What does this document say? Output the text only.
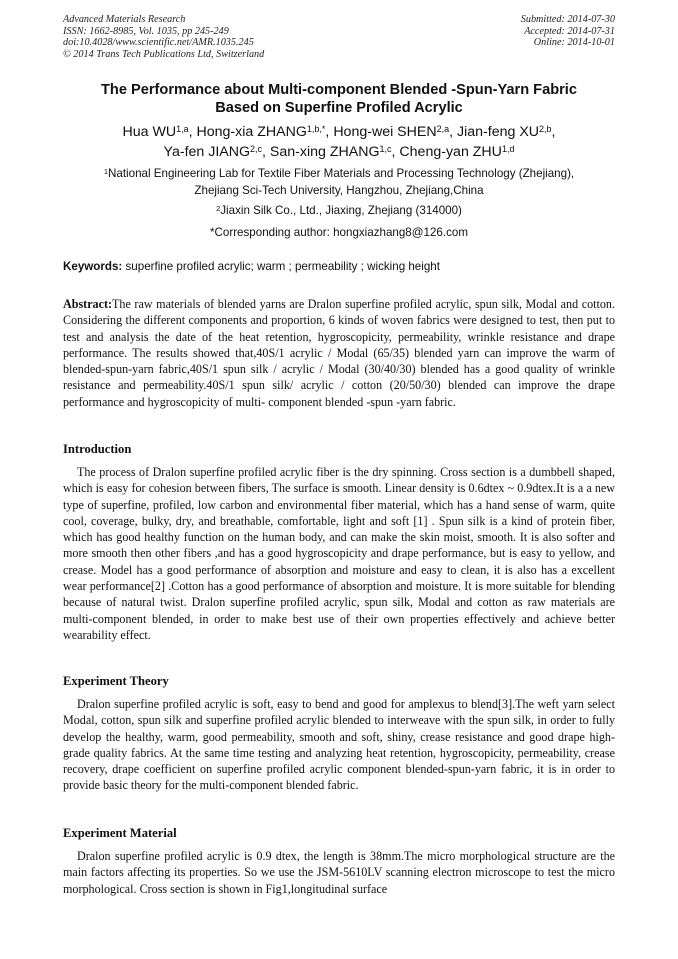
Advanced Materials Research
ISSN: 1662-8985, Vol. 1035, pp 245-249
doi:10.4028/www.scientific.net/AMR.1035.245
© 2014 Trans Tech Publications Ltd, Switzerland
Submitted: 2014-07-30
Accepted: 2014-07-31
Online: 2014-10-01
The Performance about Multi-component Blended -Spun-Yarn Fabric
Based on Superfine Profiled Acrylic
Hua WU$^{1,a}$, Hong-xia $ZHANG^{1,b,*}$, Hong-wei SHEN$^{2,a}$, Jian-feng XU$^{2,b}$,
Ya-fen JIANG$^{2,c}$, San-xing ZHANG$^{1,c}$, Cheng-yan ZHU$^{1,d}$
$^1$National Engineering Lab for Textile Fiber Materials and Processing Technology (Zhejiang),
Zhejiang Sci-Tech University, Hangzhou, Zhejiang,China
$^2$Jiaxin Silk Co., Ltd., Jiaxing, Zhejiang (314000)
*Corresponding author: hongxiazhang8@126.com
Keywords: superfine profiled acrylic; warm ; permeability ; wicking height
Abstract:The raw materials of blended yarns are Dralon superfine profiled acrylic, spun silk, Modal and cotton. Considering the different components and proportion, 6 kinds of woven fabrics were designed to test, then put to test and analysis the date of the heat retention, hygroscopicity, permeability, wrinkle resistance and drape performance. The results showed that,40S/1 acrylic / Modal (65/35) blended yarn can improve the warm of blended-spun-yarn fabric,40S/1 spun silk / acrylic / Modal (30/40/30) blended has a good quality of wrinkle resistance and permeability.40S/1 spun silk/ acrylic / cotton (20/50/30) blended can improve the drape performance and hygroscopicity of multi- component blended -spun -yarn fabric.
Introduction
The process of Dralon superfine profiled acrylic fiber is the dry spinning. Cross section is a dumbbell shaped, which is easy for cohesion between fibers, The surface is smooth. Linear density is 0.6dtex ~ 0.9dtex.It is a a new type of superfine, profiled, low carbon and environmental fiber material, which has a hand sense of warm, quite cool, coverage, bulky, dry, and breathable, comfortable, light and soft [1] . Spun silk is a kind of protein fiber, which has good healthy function on the human body, and can make the skin moist, smooth. It is also softer and more smooth then other fibers ,and has a good hygroscopicity and drape performance, but is easy to yellow, and crease. Model has a good performance of absorption and moisture and easy to clean, it is also has a excellent wear performance[2] .Cotton has a good performance of absorption and moisture. It is more suitable for blending because of natural twist. Dralon superfine profiled acrylic, spun silk, Modal and cotton as raw materials are multi-component blended, in order to make best use of their own properties effectively and achieve better wearability effect.
Experiment Theory
Dralon superfine profiled acrylic is soft, easy to bend and good for amplexus to blend[3].The weft yarn select Modal, cotton, spun silk and superfine profiled acrylic blended to interweave with the spun silk, in order to fully develop the healthy, warm, good permeability, smooth and soft, shiny, crease resistance and good drape high-grade quality fabrics. At the same time testing and analyzing heat retention, hygroscopicity, permeability, crease recovery, drape coefficient on superfine profiled acrylic component blended-spun-yarn fabric, it is in order to provide basic theory for the multi-component blended fabric.
Experiment Material
Dralon superfine profiled acrylic is 0.9 dtex, the length is 38mm.The micro morphological structure are the main factors affecting its properties. So we use the JSM-5610LV scanning electron microscope to test the micro morphological. Cross section is shown in Fig1,longitudinal surface
